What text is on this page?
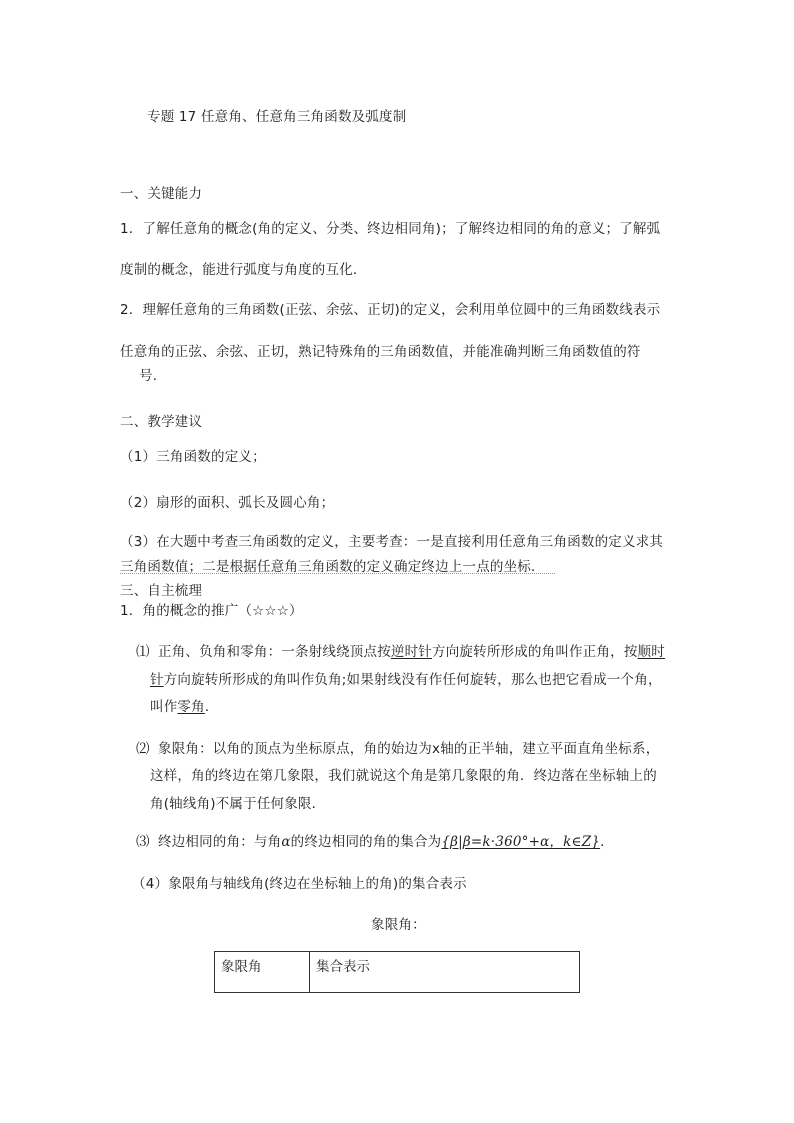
专题 17 任意角、任意角三角函数及弧度制
一、关键能力
1．了解任意角的概念(角的定义、分类、终边相同角)；了解终边相同的角的意义；了解弧
度制的概念，能进行弧度与角度的互化．
2．理解任意角的三角函数(正弦、余弦、正切)的定义，会利用单位圆中的三角函数线表示
任意角的正弦、余弦、正切，熟记特殊角的三角函数值，并能准确判断三角函数值的符
号．
二、教学建议
（1）三角函数的定义；
（2）扇形的面积、弧长及圆心角；
（3）在大题中考查三角函数的定义，主要考查：一是直接利用任意角三角函数的定义求其
三角函数值；二是根据任意角三角函数的定义确定终边上一点的坐标．
三、自主梳理
1．角的概念的推广（☆☆☆）
⑴ 正角、负角和零角：一条射线绕顶点按逆时针方向旋转所形成的角叫作正角，按顺时
针方向旋转所形成的角叫作负角;如果射线没有作任何旋转，那么也把它看成一个角，
叫作零角．
⑵ 象限角：以角的顶点为坐标原点，角的始边为x轴的正半轴，建立平面直角坐标系，
这样，角的终边在第几象限，我们就说这个角是第几象限的角．终边落在坐标轴上的
角(轴线角)不属于任何象限．
⑶ 终边相同的角：与角α的终边相同的角的集合为{β|β=k·360°+α，k∈Z}．
（4）象限角与轴线角(终边在坐标轴上的角)的集合表示
象限角：
象限角	集合表示
